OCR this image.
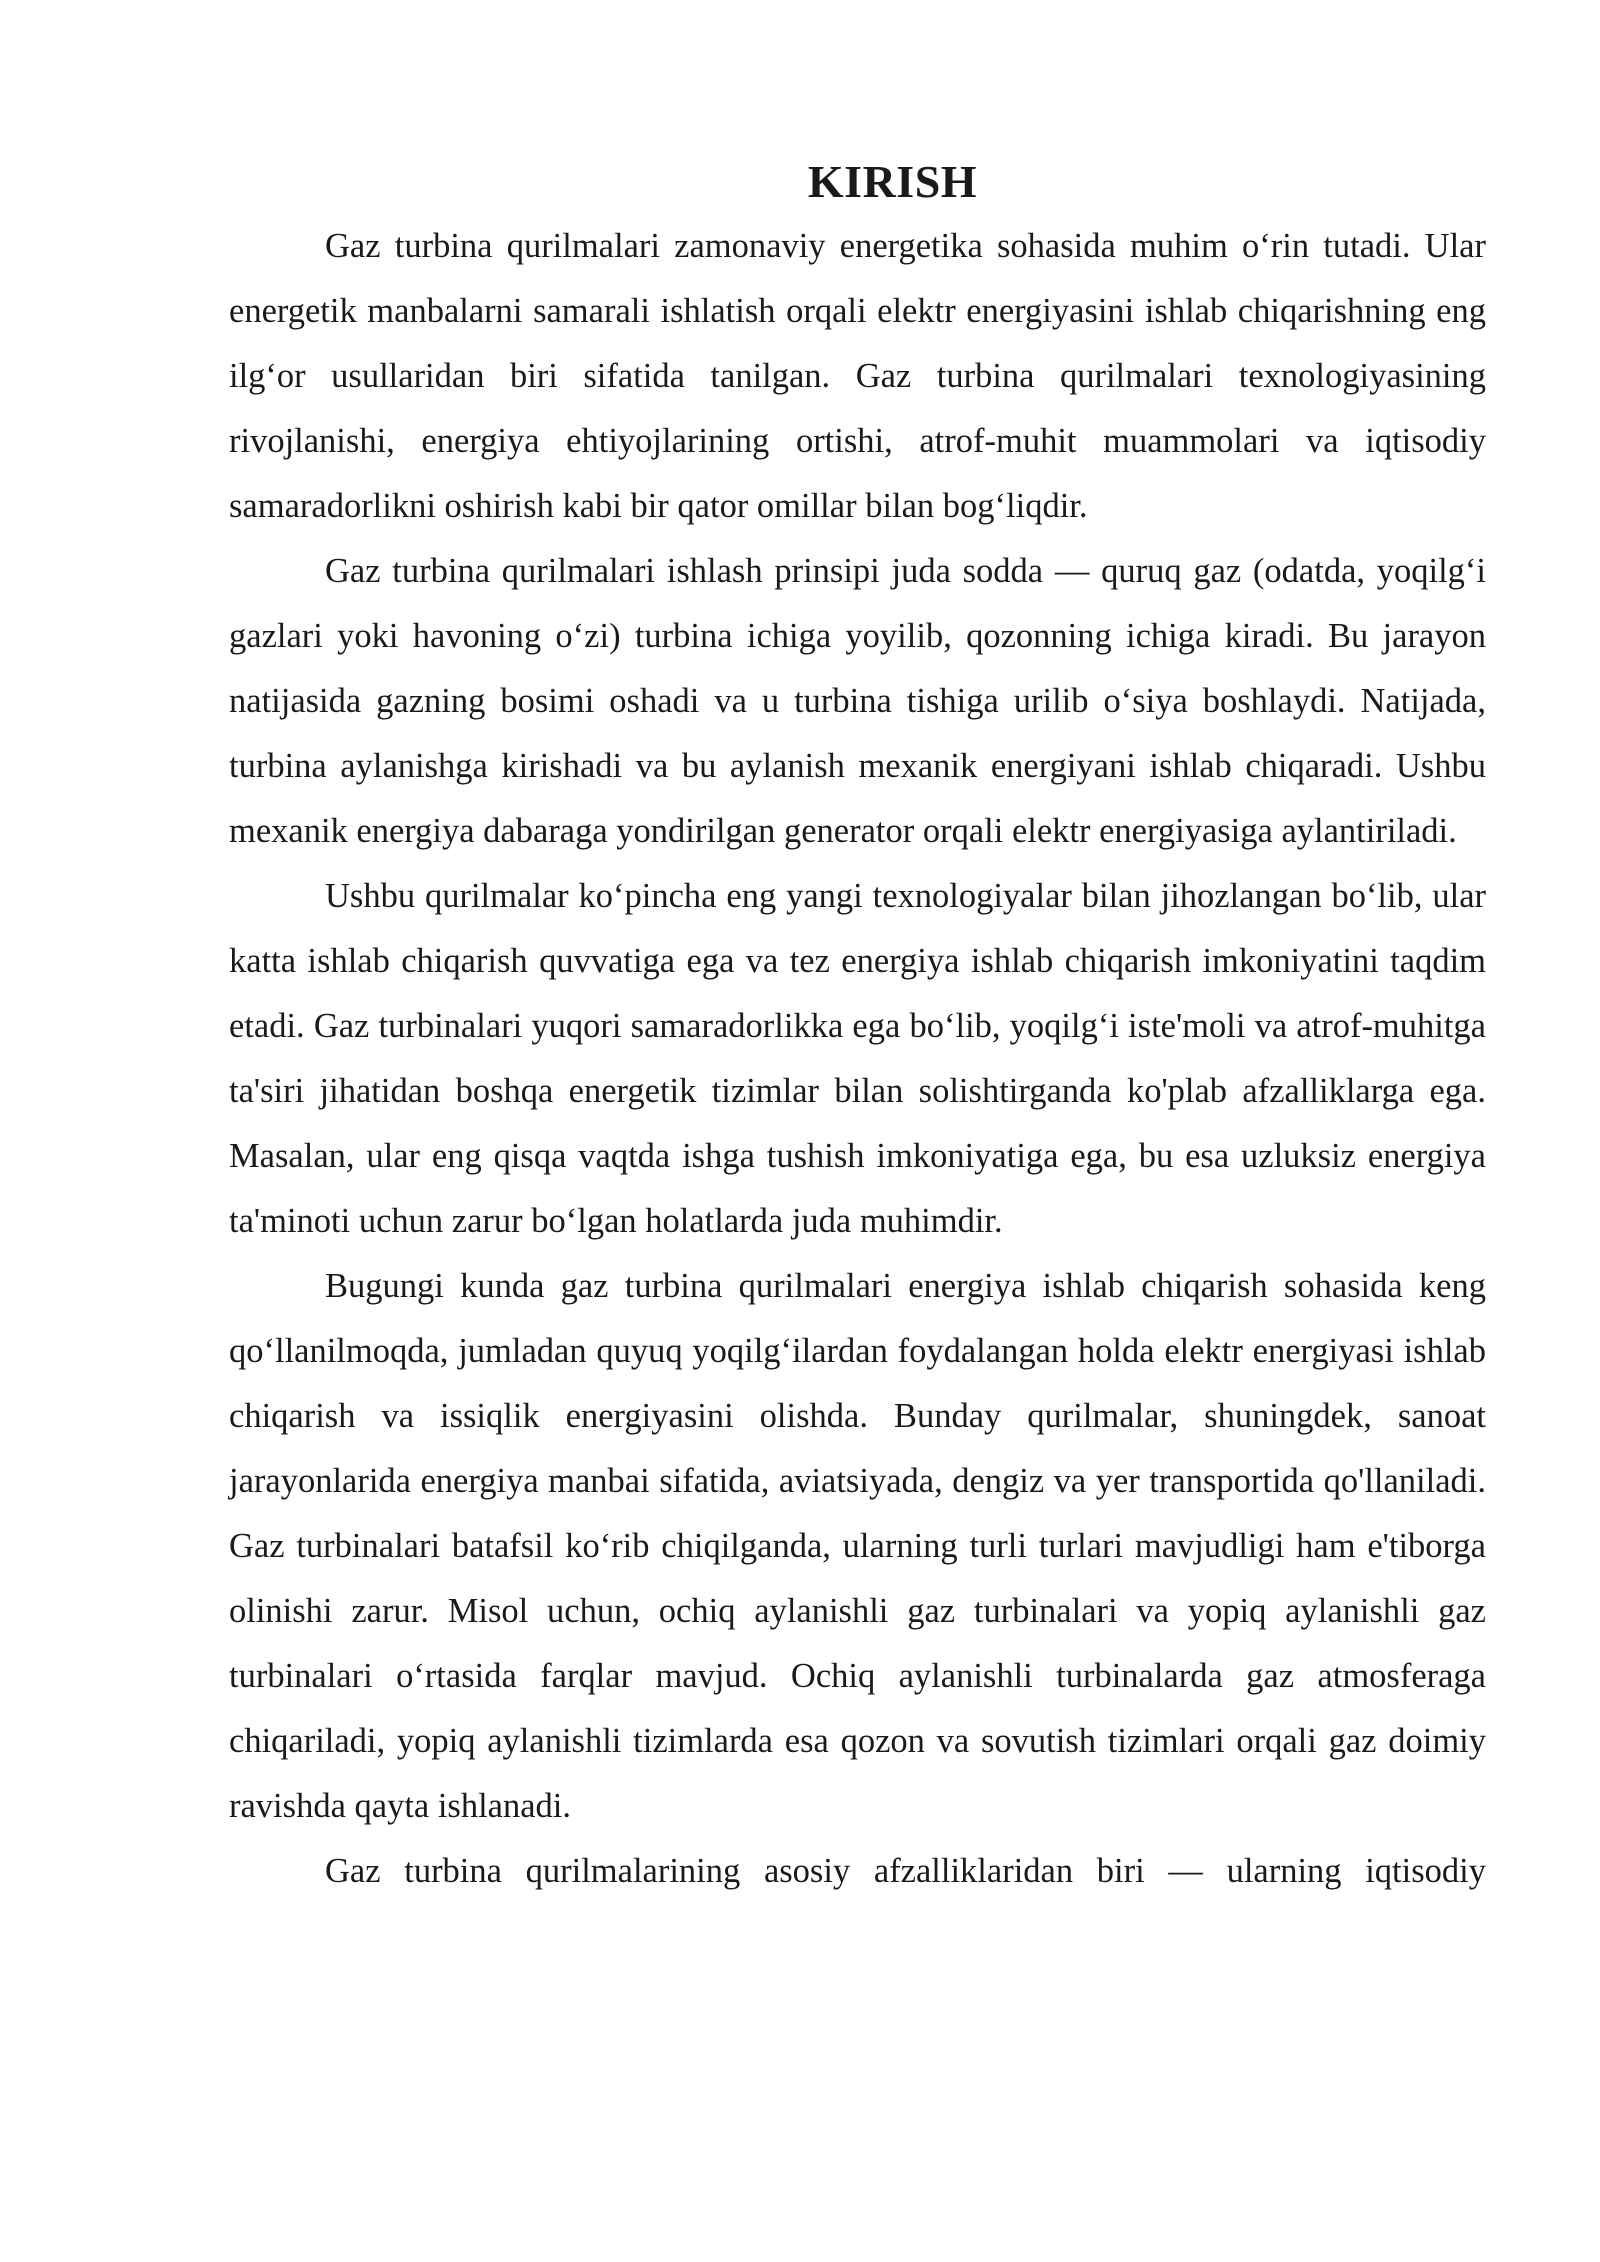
KIRISH

Gaz turbina qurilmalari zamonaviy energetika sohasida muhim o‘rin tutadi. Ular energetik manbalarni samarali ishlatish orqali elektr energiyasini ishlab chiqarishning eng ilg‘or usullaridan biri sifatida tanilgan. Gaz turbina qurilmalari texnologiyasining rivojlanishi, energiya ehtiyojlarining ortishi, atrof-muhit muammolari va iqtisodiy samaradorlikni oshirish kabi bir qator omillar bilan bog‘liqdir.

Gaz turbina qurilmalari ishlash prinsipi juda sodda — quruq gaz (odatda, yoqilg‘i gazlari yoki havoning o‘zi) turbina ichiga yoyilib, qozonning ichiga kiradi. Bu jarayon natijasida gazning bosimi oshadi va u turbina tishiga urilib o‘siya boshlaydi. Natijada, turbina aylanishga kirishadi va bu aylanish mexanik energiyani ishlab chiqaradi. Ushbu mexanik energiya dabaraga yondirilgan generator orqali elektr energiyasiga aylantiriladi.

Ushbu qurilmalar ko‘pincha eng yangi texnologiyalar bilan jihozlangan bo‘lib, ular katta ishlab chiqarish quvvatiga ega va tez energiya ishlab chiqarish imkoniyatini taqdim etadi. Gaz turbinalari yuqori samaradorlikka ega bo‘lib, yoqilg‘i iste'moli va atrof-muhitga ta'siri jihatidan boshqa energetik tizimlar bilan solishtirganda ko'plab afzalliklarga ega. Masalan, ular eng qisqa vaqtda ishga tushish imkoniyatiga ega, bu esa uzluksiz energiya ta'minoti uchun zarur bo‘lgan holatlarda juda muhimdir.

Bugungi kunda gaz turbina qurilmalari energiya ishlab chiqarish sohasida keng qo‘llanilmoqda, jumladan quyuq yoqilg‘ilardan foydalangan holda elektr energiyasi ishlab chiqarish va issiqlik energiyasini olishda. Bunday qurilmalar, shuningdek, sanoat jarayonlarida energiya manbai sifatida, aviatsiyada, dengiz va yer transportida qo'llaniladi. Gaz turbinalari batafsil ko‘rib chiqilganda, ularning turli turlari mavjudligi ham e'tiborga olinishi zarur. Misol uchun, ochiq aylanishli gaz turbinalari va yopiq aylanishli gaz turbinalari o‘rtasida farqlar mavjud. Ochiq aylanishli turbinalarda gaz atmosferaga chiqariladi, yopiq aylanishli tizimlarda esa qozon va sovutish tizimlari orqali gaz doimiy ravishda qayta ishlanadi.

Gaz turbina qurilmalarining asosiy afzalliklaridan biri — ularning iqtisodiy
